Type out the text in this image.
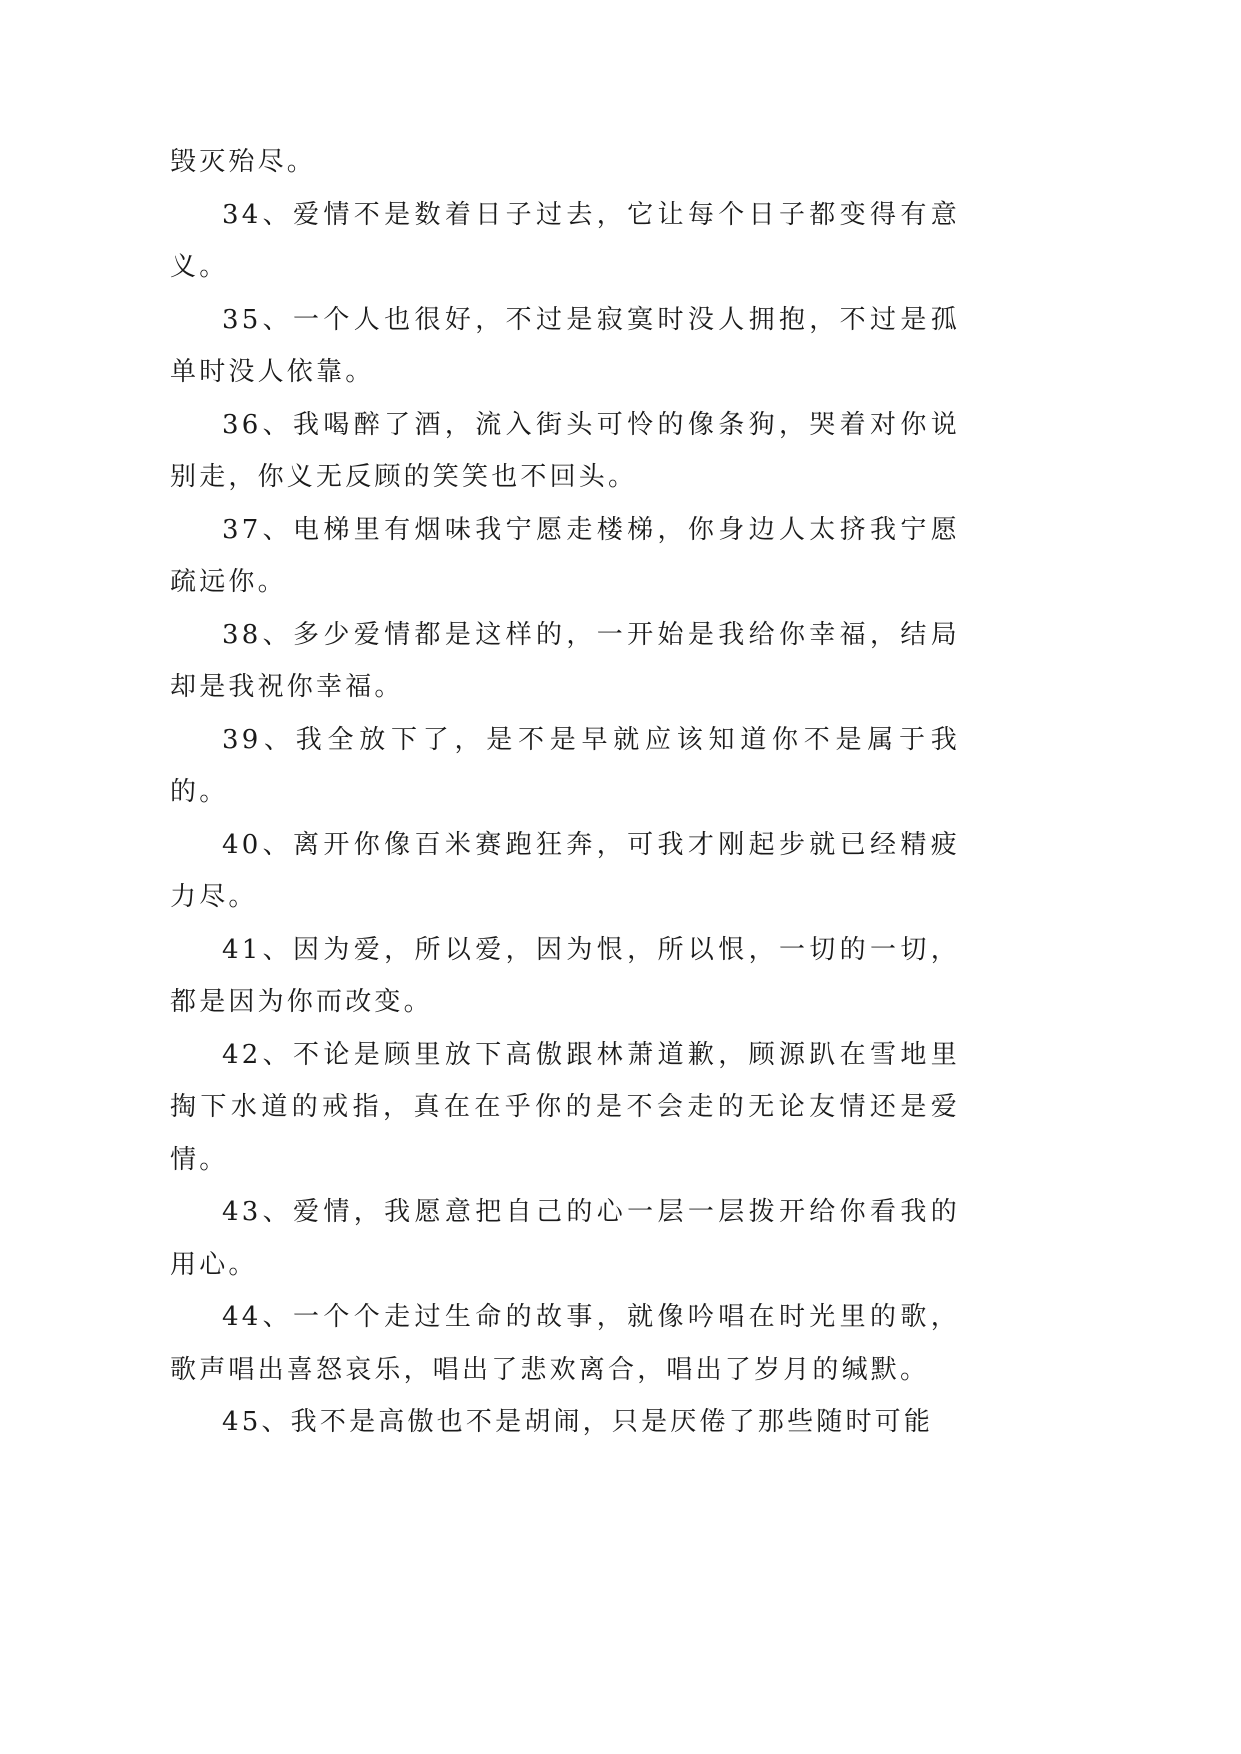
毁灭殆尽。

34、爱情不是数着日子过去，它让每个日子都变得有意义。

35、一个人也很好，不过是寂寞时没人拥抱，不过是孤单时没人依靠。

36、我喝醉了酒，流入街头可怜的像条狗，哭着对你说别走，你义无反顾的笑笑也不回头。

37、电梯里有烟味我宁愿走楼梯，你身边人太挤我宁愿疏远你。

38、多少爱情都是这样的，一开始是我给你幸福，结局却是我祝你幸福。

39、我全放下了，是不是早就应该知道你不是属于我的。

40、离开你像百米赛跑狂奔，可我才刚起步就已经精疲力尽。

41、因为爱，所以爱，因为恨，所以恨，一切的一切，都是因为你而改变。

42、不论是顾里放下高傲跟林萧道歉，顾源趴在雪地里掏下水道的戒指，真在在乎你的是不会走的无论友情还是爱情。

43、爱情，我愿意把自己的心一层一层拨开给你看我的用心。

44、一个个走过生命的故事，就像吟唱在时光里的歌，歌声唱出喜怒哀乐，唱出了悲欢离合，唱出了岁月的缄默。

45、我不是高傲也不是胡闹，只是厌倦了那些随时可能
